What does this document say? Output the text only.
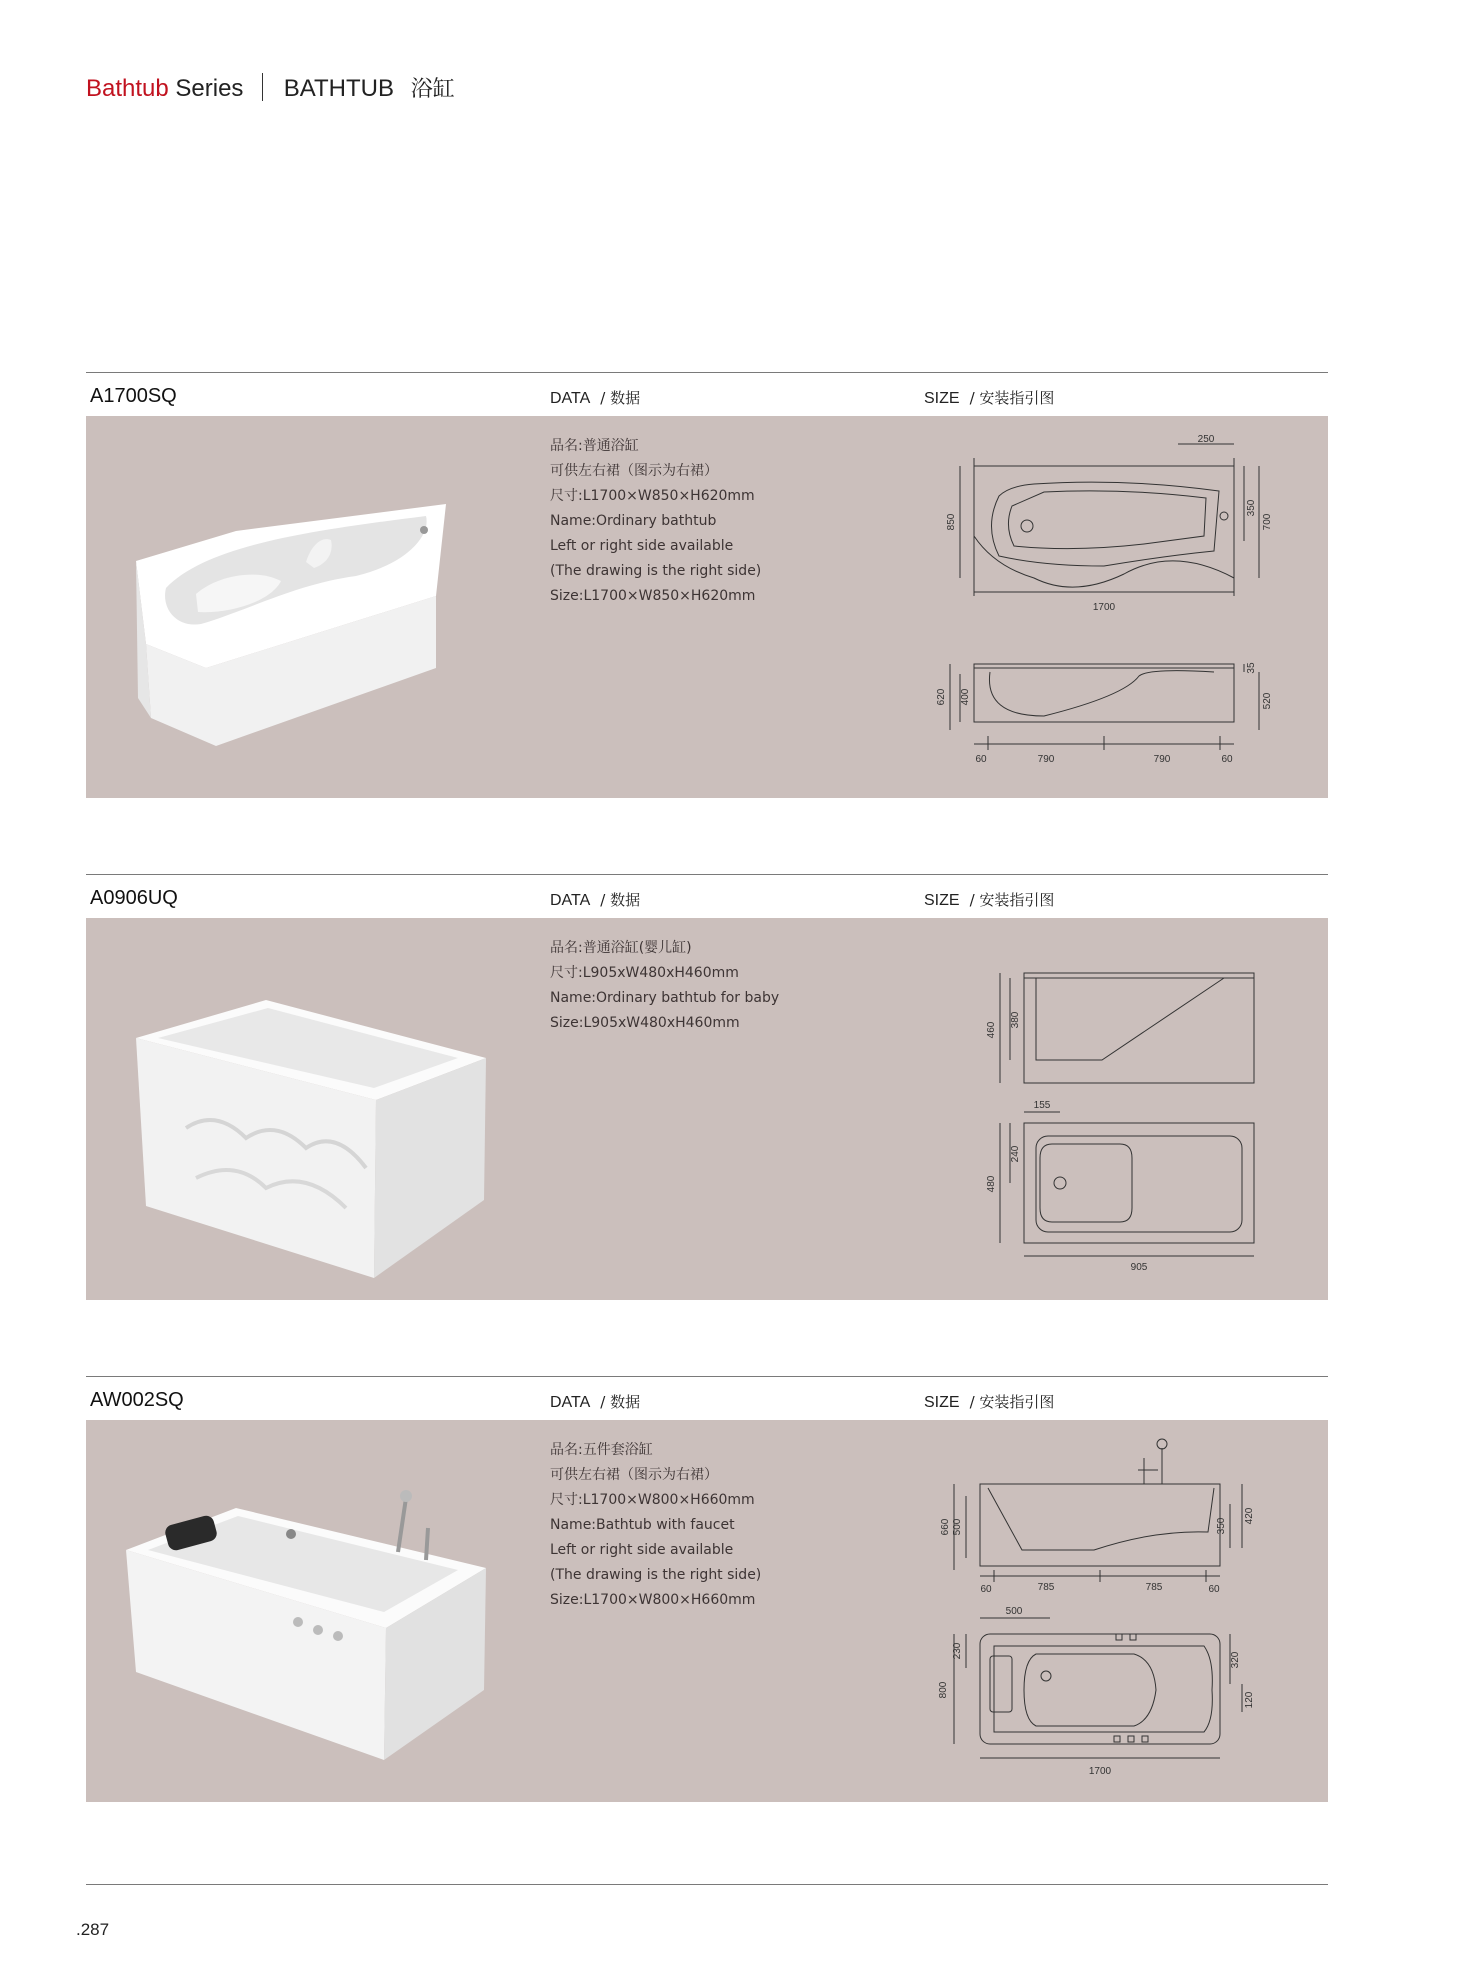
Bathtub Series BATHTUB 浴缸
A1700SQ	DATA / 数据	SIZE / 安装指引图
品名:普通浴缸
可供左右裙（图示为右裙）
尺寸:L1700×W850×H620mm
Name:Ordinary bathtub
Left or right side available
(The drawing is the right side)
Size:L1700×W850×H620mm
250
350
700
850
1700
620 400
35
520
60	790	790	60
A0906UQ	DATA / 数据	SIZE / 安装指引图
品名:普通浴缸(婴儿缸)
尺寸:L905xW480xH460mm
Name:Ordinary bathtub for baby
Size:L905xW480xH460mm	460
380
155
480
240
905
AW002SQ	DATA / 数据	SIZE / 安装指引图
品名:五件套浴缸
可供左右裙（图示为右裙）
尺寸:L1700×W800×H660mm
Name:Bathtub with faucet
Left or right side available
(The drawing is the right side)
Size:L1700×W800×H660mm
660 500
420
350
60	785	785	60
500
230
800
320
120
1700
.287
